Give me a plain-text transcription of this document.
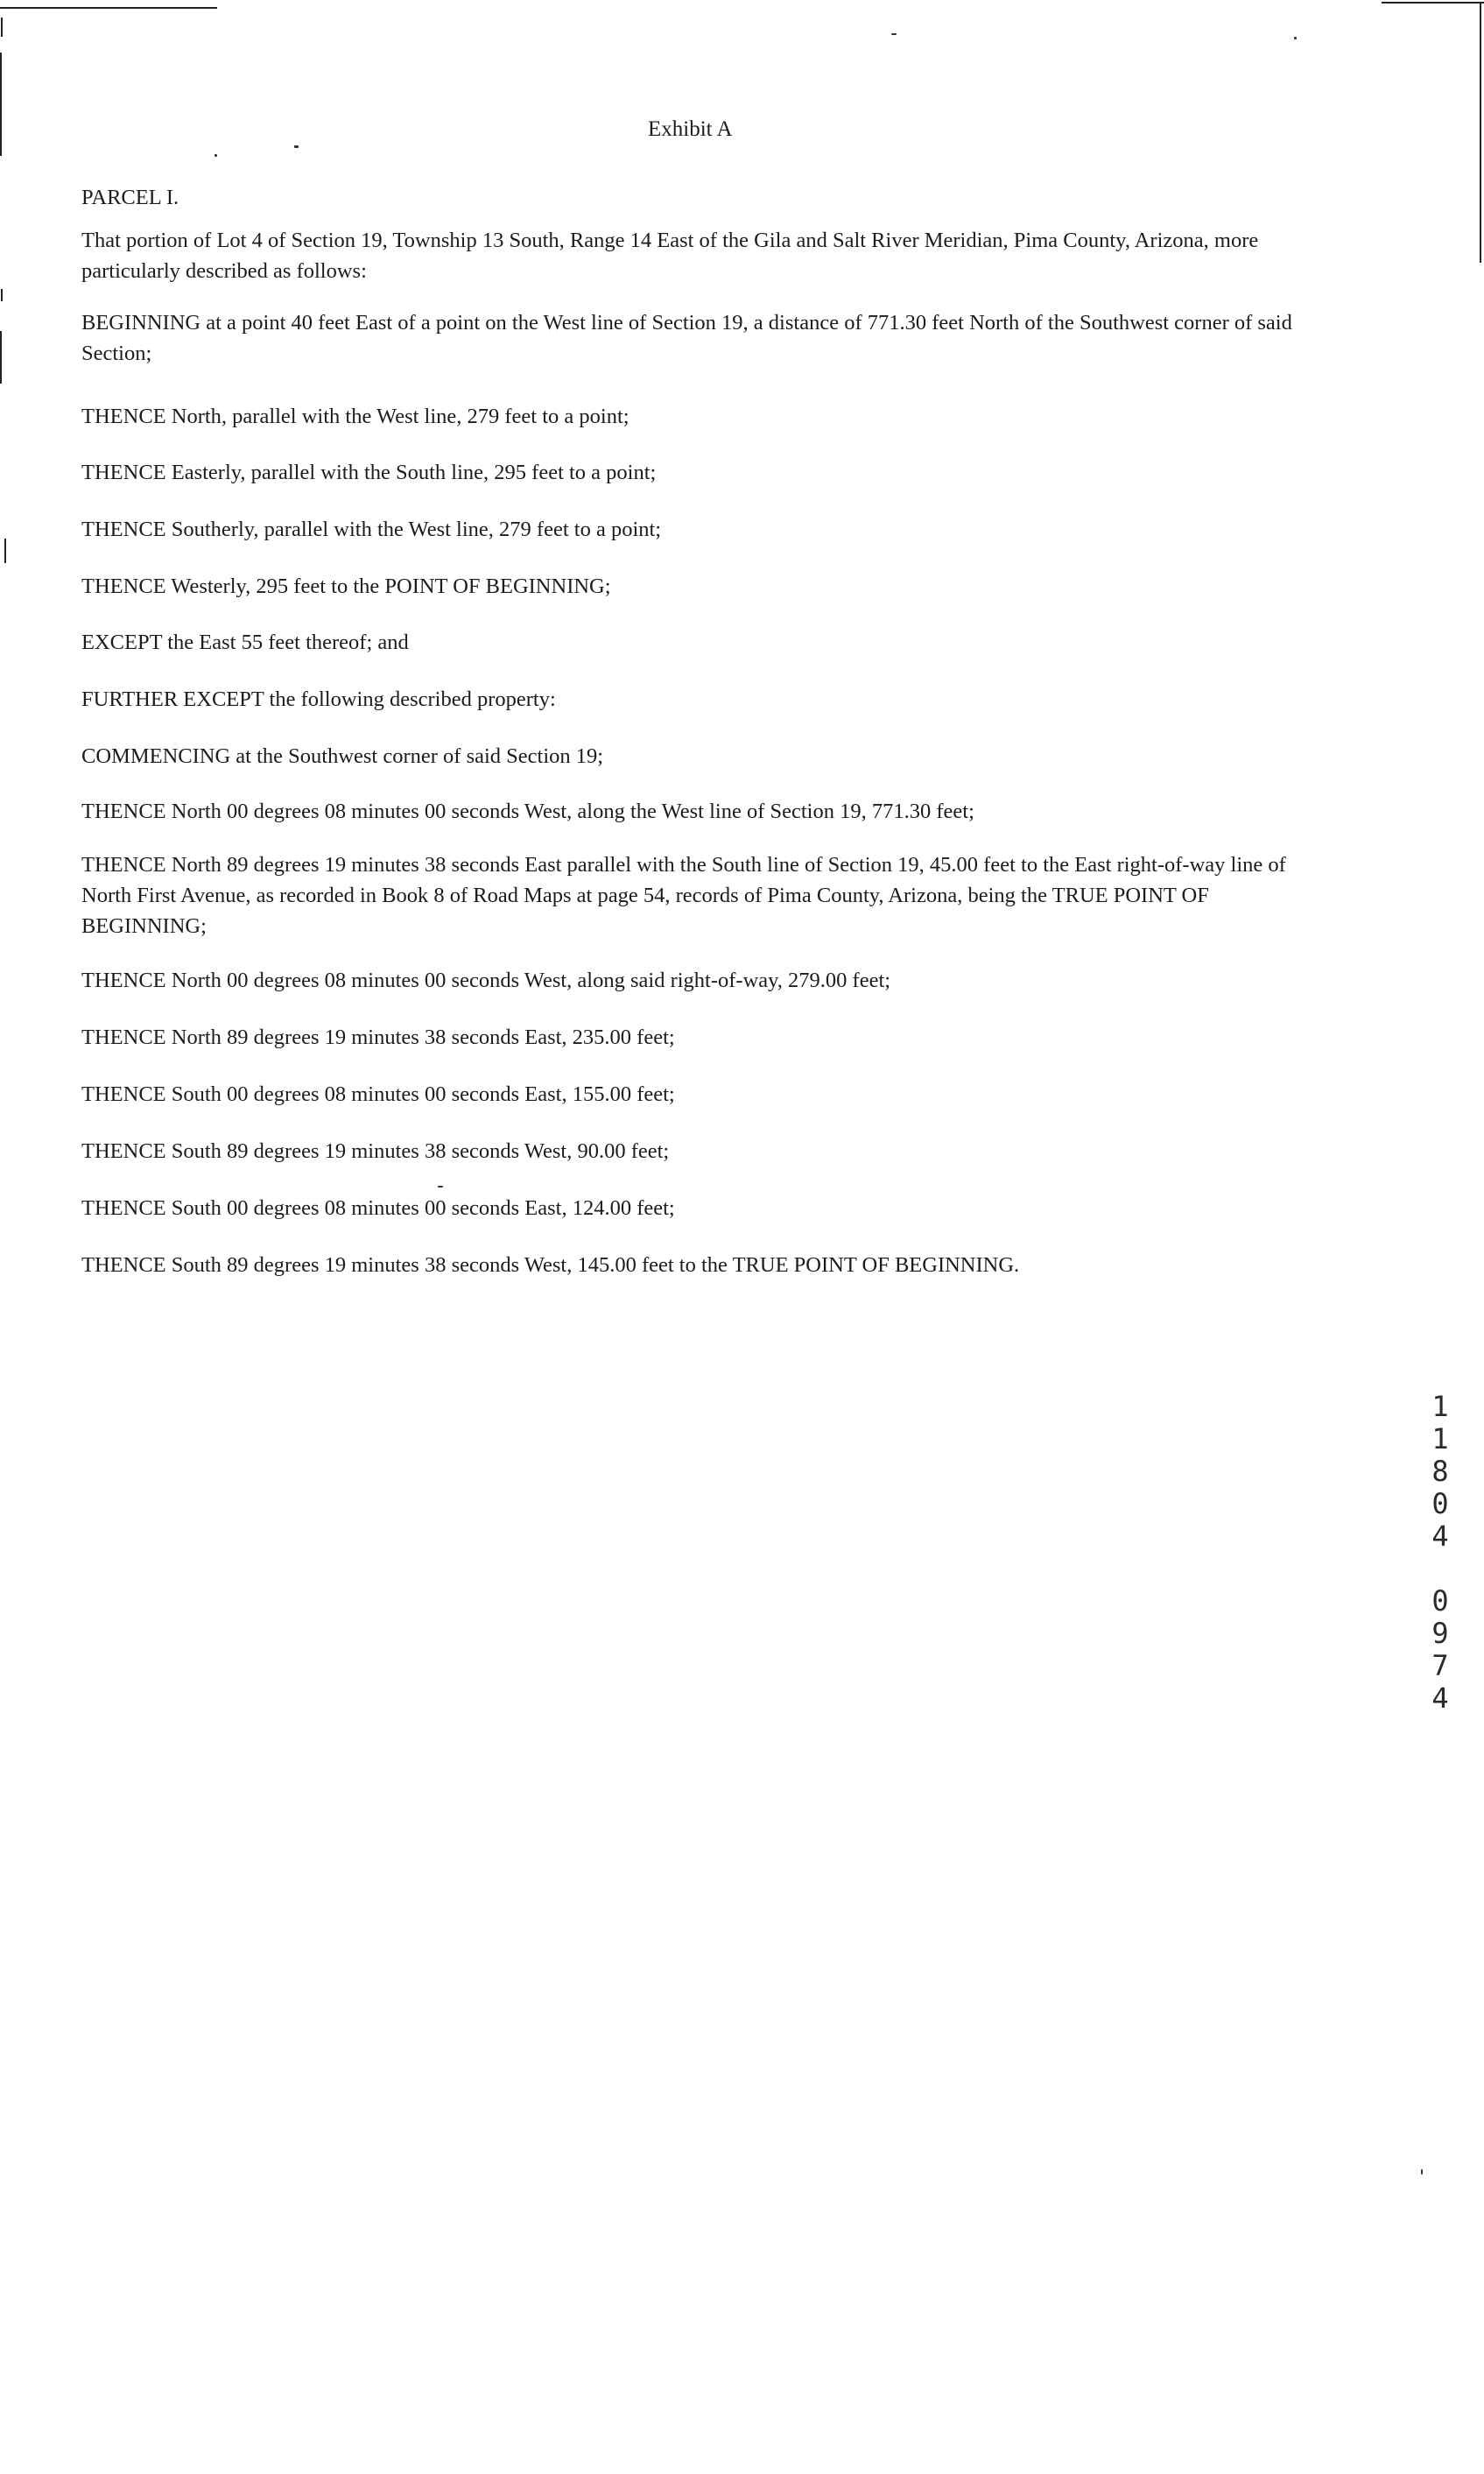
Exhibit A

PARCEL I.

That portion of Lot 4 of Section 19, Township 13 South, Range 14 East of the Gila and Salt River Meridian, Pima County, Arizona, more particularly described as follows:

BEGINNING at a point 40 feet East of a point on the West line of Section 19, a distance of 771.30 feet North of the Southwest corner of said Section;

THENCE North, parallel with the West line, 279 feet to a point;

THENCE Easterly, parallel with the South line, 295 feet to a point;

THENCE Southerly, parallel with the West line, 279 feet to a point;

THENCE Westerly, 295 feet to the POINT OF BEGINNING;

EXCEPT the East 55 feet thereof; and

FURTHER EXCEPT the following described property:

COMMENCING at the Southwest corner of said Section 19;

THENCE North 00 degrees 08 minutes 00 seconds West, along the West line of Section 19, 771.30 feet;

THENCE North 89 degrees 19 minutes 38 seconds East parallel with the South line of Section 19, 45.00 feet to the East right-of-way line of North First Avenue, as recorded in Book 8 of Road Maps at page 54, records of Pima County, Arizona, being the TRUE POINT OF BEGINNING;

THENCE North 00 degrees 08 minutes 00 seconds West, along said right-of-way, 279.00 feet;

THENCE North 89 degrees 19 minutes 38 seconds East, 235.00 feet;

THENCE South 00 degrees 08 minutes 00 seconds East, 155.00 feet;

THENCE South 89 degrees 19 minutes 38 seconds West, 90.00 feet;

THENCE South 00 degrees 08 minutes 00 seconds East, 124.00 feet;

THENCE South 89 degrees 19 minutes 38 seconds West, 145.00 feet to the TRUE POINT OF BEGINNING.

1
1
8
0
4
0
9
7
4
